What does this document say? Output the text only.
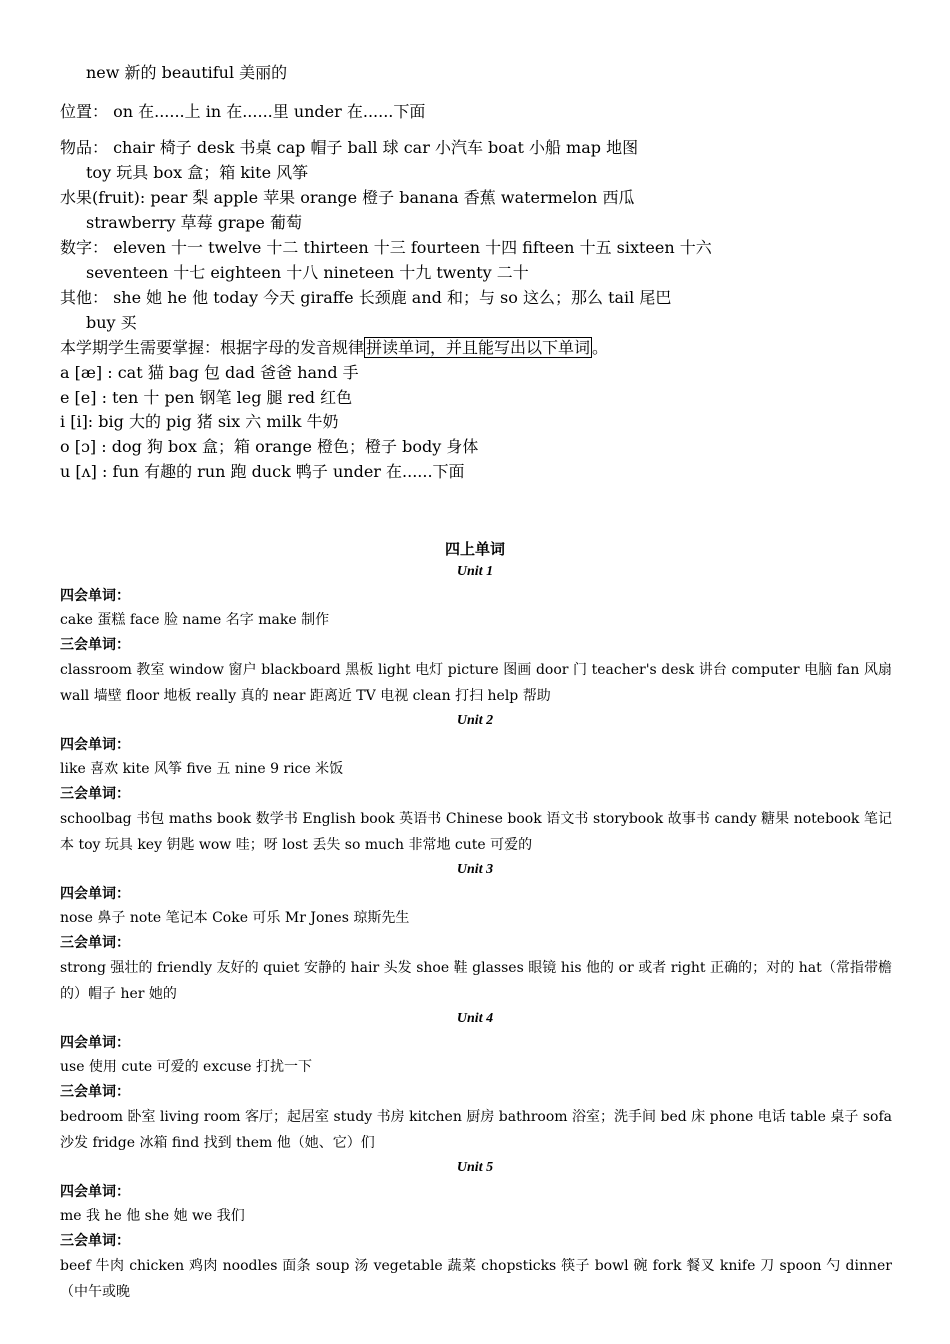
new 新的 beautiful 美丽的
位置： on 在......上 in 在......里 under 在......下面
物品： chair 椅子 desk 书桌 cap 帽子 ball 球 car 小汽车 boat 小船 map 地图
toy 玩具 box 盒；箱 kite 风筝
水果(fruit): pear 梨 apple 苹果 orange 橙子 banana 香蕉 watermelon 西瓜
strawberry 草莓 grape 葡萄
数字： eleven 十一 twelve 十二 thirteen 十三 fourteen 十四 fifteen 十五 sixteen 十六
seventeen 十七 eighteen 十八 nineteen 十九 twenty 二十
其他： she 她 he 他 today 今天 giraffe 长颈鹿 and 和；与 so 这么；那么 tail 尾巴
buy 买
本学期学生需要掌握：根据字母的发音规律 拼读单词，并且能写出以下单词 。
a [æ] : cat 猫 bag 包 dad 爸爸 hand 手
e [e] : ten 十 pen 钢笔 leg 腿 red 红色
i [i]: big 大的 pig 猪 six 六 milk 牛奶
o [ɔ] : dog 狗 box 盒；箱 orange 橙色；橙子 body 身体
u [ʌ] : fun 有趣的 run 跑 duck 鸭子 under 在......下面
四上单词
Unit 1
四会单词：
cake 蛋糕 face 脸 name 名字 make 制作
三会单词：
classroom 教室 window 窗户 blackboard 黑板 light 电灯 picture 图画 door 门 teacher's desk 讲台 computer 电脑 fan 风扇 wall 墙壁 floor 地板 really 真的 near 距离近 TV 电视 clean 打扫 help 帮助
Unit 2
四会单词：
like 喜欢 kite 风筝 five 五 nine 9 rice 米饭
三会单词：
schoolbag 书包 maths book 数学书 English book 英语书 Chinese book 语文书 storybook 故事书 candy 糖果 notebook 笔记本 toy 玩具 key 钥匙 wow 哇；呀 lost 丢失 so much 非常地 cute 可爱的
Unit 3
四会单词：
nose 鼻子 note 笔记本 Coke 可乐 Mr Jones 琼斯先生
三会单词：
strong 强壮的 friendly 友好的 quiet 安静的 hair 头发 shoe 鞋 glasses 眼镜 his 他的 or 或者 right 正确的；对的 hat（常指带檐的）帽子 her 她的
Unit 4
四会单词：
use 使用 cute 可爱的 excuse 打扰一下
三会单词：
bedroom 卧室 living room 客厅；起居室 study 书房 kitchen 厨房 bathroom 浴室；洗手间 bed 床 phone 电话 table 桌子 sofa 沙发 fridge 冰箱 find 找到 them 他（她、它）们
Unit 5
四会单词：
me 我 he 他 she 她 we 我们
三会单词：
beef 牛肉 chicken 鸡肉 noodles 面条 soup 汤 vegetable 蔬菜 chopsticks 筷子 bowl 碗 fork 餐叉 knife 刀 spoon 勺 dinner（中午或晚
